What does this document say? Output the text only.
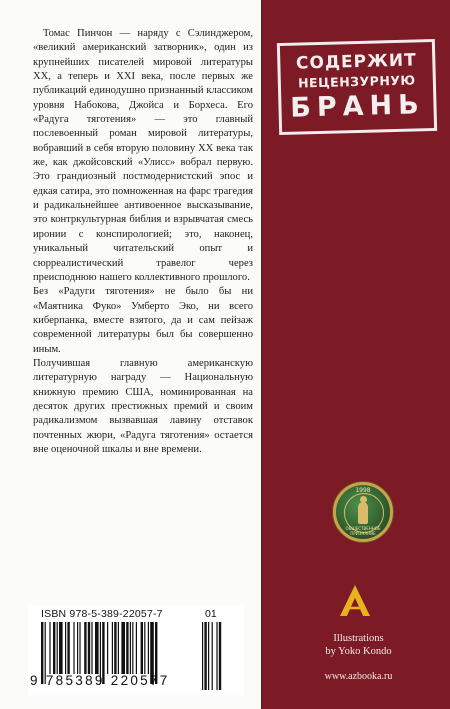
Томас Пинчон — наряду с Сэлинджером, «великий американский затворник», один из крупнейших писателей мировой литературы XX, а теперь и XXI века, после первых же публикаций единодушно признанный классиком уровня Набокова, Джойса и Борхеса. Его «Радуга тяготения» — это главный послевоенный роман мировой литературы, вобравший в себя вторую половину XX века так же, как джойсовский «Улисс» вобрал первую. Это грандиозный постмодернистский эпос и едкая сатира, это помноженная на фарс трагедия и радикальнейшее антивоенное высказывание, это контркультурная библия и взрывчатая смесь иронии с конспирологией; это, наконец, уникальный читательский опыт и сюрреалистический травелог через преисподнюю нашего коллективного прошлого.
Без «Радуги тяготения» не было бы ни «Маятника Фуко» Умберто Эко, ни всего киберпанка, вместе взятого, да и сам пейзаж современной литературы был бы совершенно иным.
Получившая главную американскую литературную награду — Национальную книжную премию США, номинированная на десяток других престижных премий и своим радикализмом вызвавшая лавину отставок почтенных жюри, «Радуга тяготения» остается вне оценочной шкалы и вне времени.
СОДЕРЖИТ
НЕЦЕНЗУРНУЮ
БРАНЬ
1998
ОБЩЕСТВЕННОЕ ПРИЗНАНИЕ
Illustrations
by Yoko Kondo
www.azbooka.ru
ISBN 978-5-389-22057-7	01
9 785389 220577
